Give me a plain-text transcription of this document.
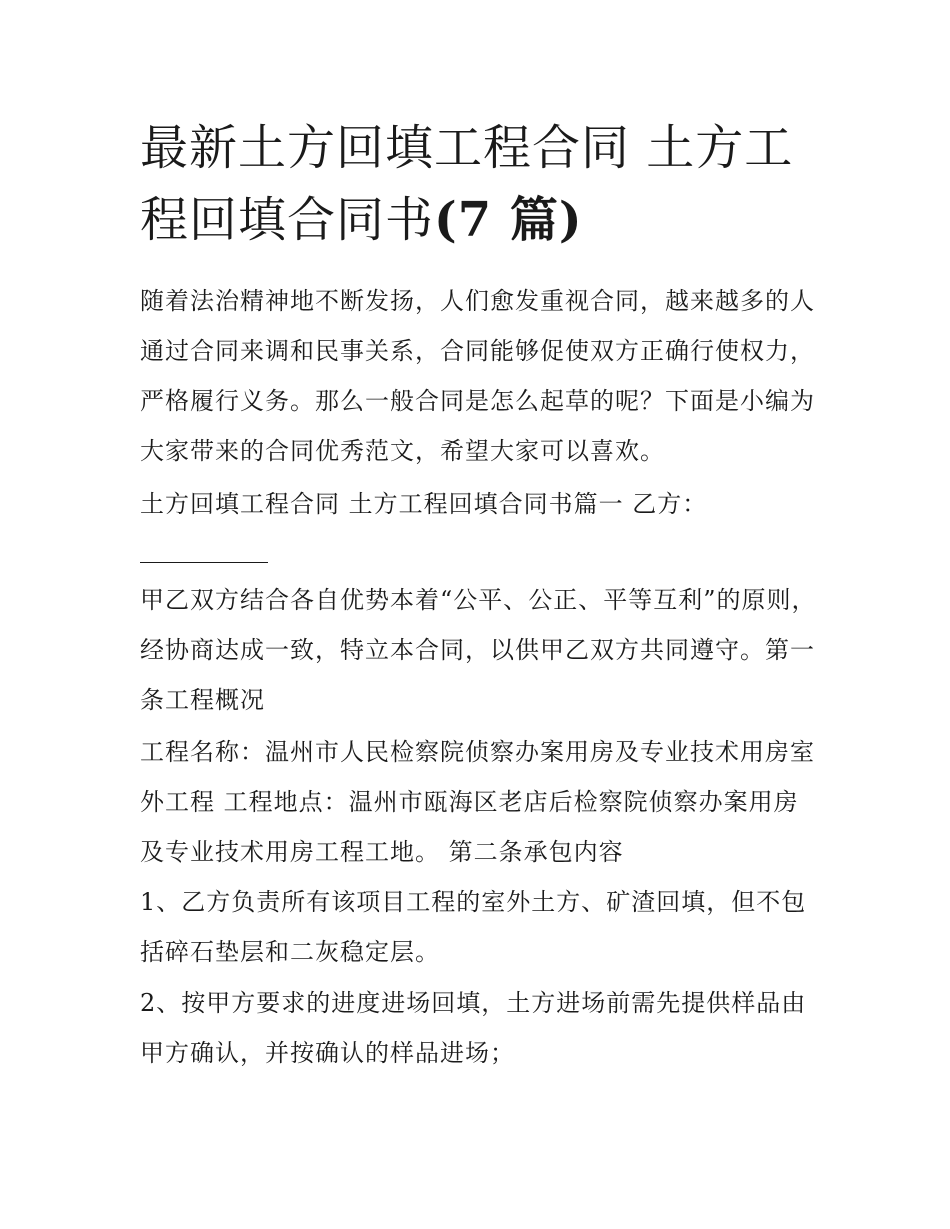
最新土方回填工程合同 土方工程回填合同书(7 篇)

随着法治精神地不断发扬，人们愈发重视合同，越来越多的人通过合同来调和民事关系，合同能够促使双方正确行使权力，严格履行义务。那么一般合同是怎么起草的呢？下面是小编为大家带来的合同优秀范文，希望大家可以喜欢。

土方回填工程合同 土方工程回填合同书篇一 乙方：

甲乙双方结合各自优势本着“公平、公正、平等互利”的原则，经协商达成一致，特立本合同，以供甲乙双方共同遵守。第一条工程概况

工程名称：温州市人民检察院侦察办案用房及专业技术用房室外工程 工程地点：温州市瓯海区老店后检察院侦察办案用房及专业技术用房工程工地。 第二条承包内容

1、乙方负责所有该项目工程的室外土方、矿渣回填，但不包括碎石垫层和二灰稳定层。

2、按甲方要求的进度进场回填，土方进场前需先提供样品由甲方确认，并按确认的样品进场；
